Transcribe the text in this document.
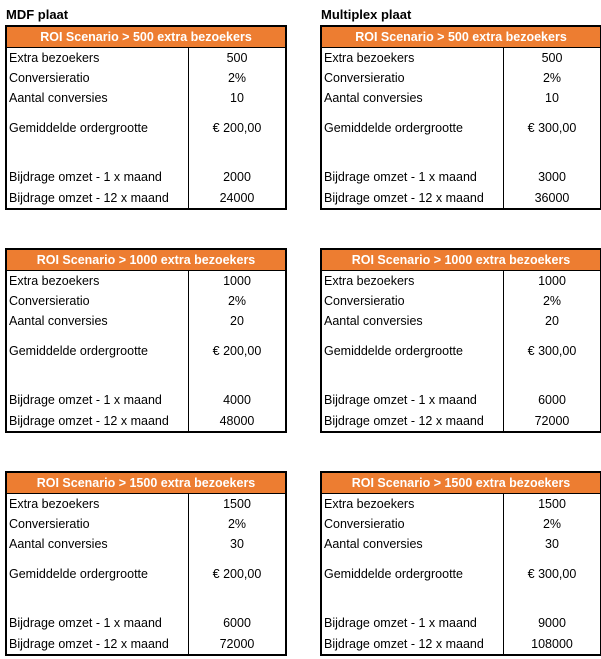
MDF plaat
ROI Scenario > 500 extra bezoekers
Extra bezoekers	500
Conversieratio	2%
Aantal conversies	10
Gemiddelde ordergrootte	€ 200,00
Bijdrage omzet - 1 x maand	2000
Bijdrage omzet - 12 x maand	24000
ROI Scenario > 1000 extra bezoekers
Extra bezoekers	1000
Conversieratio	2%
Aantal conversies	20
Gemiddelde ordergrootte	€ 200,00
Bijdrage omzet - 1 x maand	4000
Bijdrage omzet - 12 x maand	48000
ROI Scenario > 1500 extra bezoekers
Extra bezoekers	1500
Conversieratio	2%
Aantal conversies	30
Gemiddelde ordergrootte	€ 200,00
Bijdrage omzet - 1 x maand	6000
Bijdrage omzet - 12 x maand	72000
Multiplex plaat
ROI Scenario > 500 extra bezoekers
Extra bezoekers	500
Conversieratio	2%
Aantal conversies	10
Gemiddelde ordergrootte	€ 300,00
Bijdrage omzet - 1 x maand	3000
Bijdrage omzet - 12 x maand	36000
ROI Scenario > 1000 extra bezoekers
Extra bezoekers	1000
Conversieratio	2%
Aantal conversies	20
Gemiddelde ordergrootte	€ 300,00
Bijdrage omzet - 1 x maand	6000
Bijdrage omzet - 12 x maand	72000
ROI Scenario > 1500 extra bezoekers
Extra bezoekers	1500
Conversieratio	2%
Aantal conversies	30
Gemiddelde ordergrootte	€ 300,00
Bijdrage omzet - 1 x maand	9000
Bijdrage omzet - 12 x maand	108000
